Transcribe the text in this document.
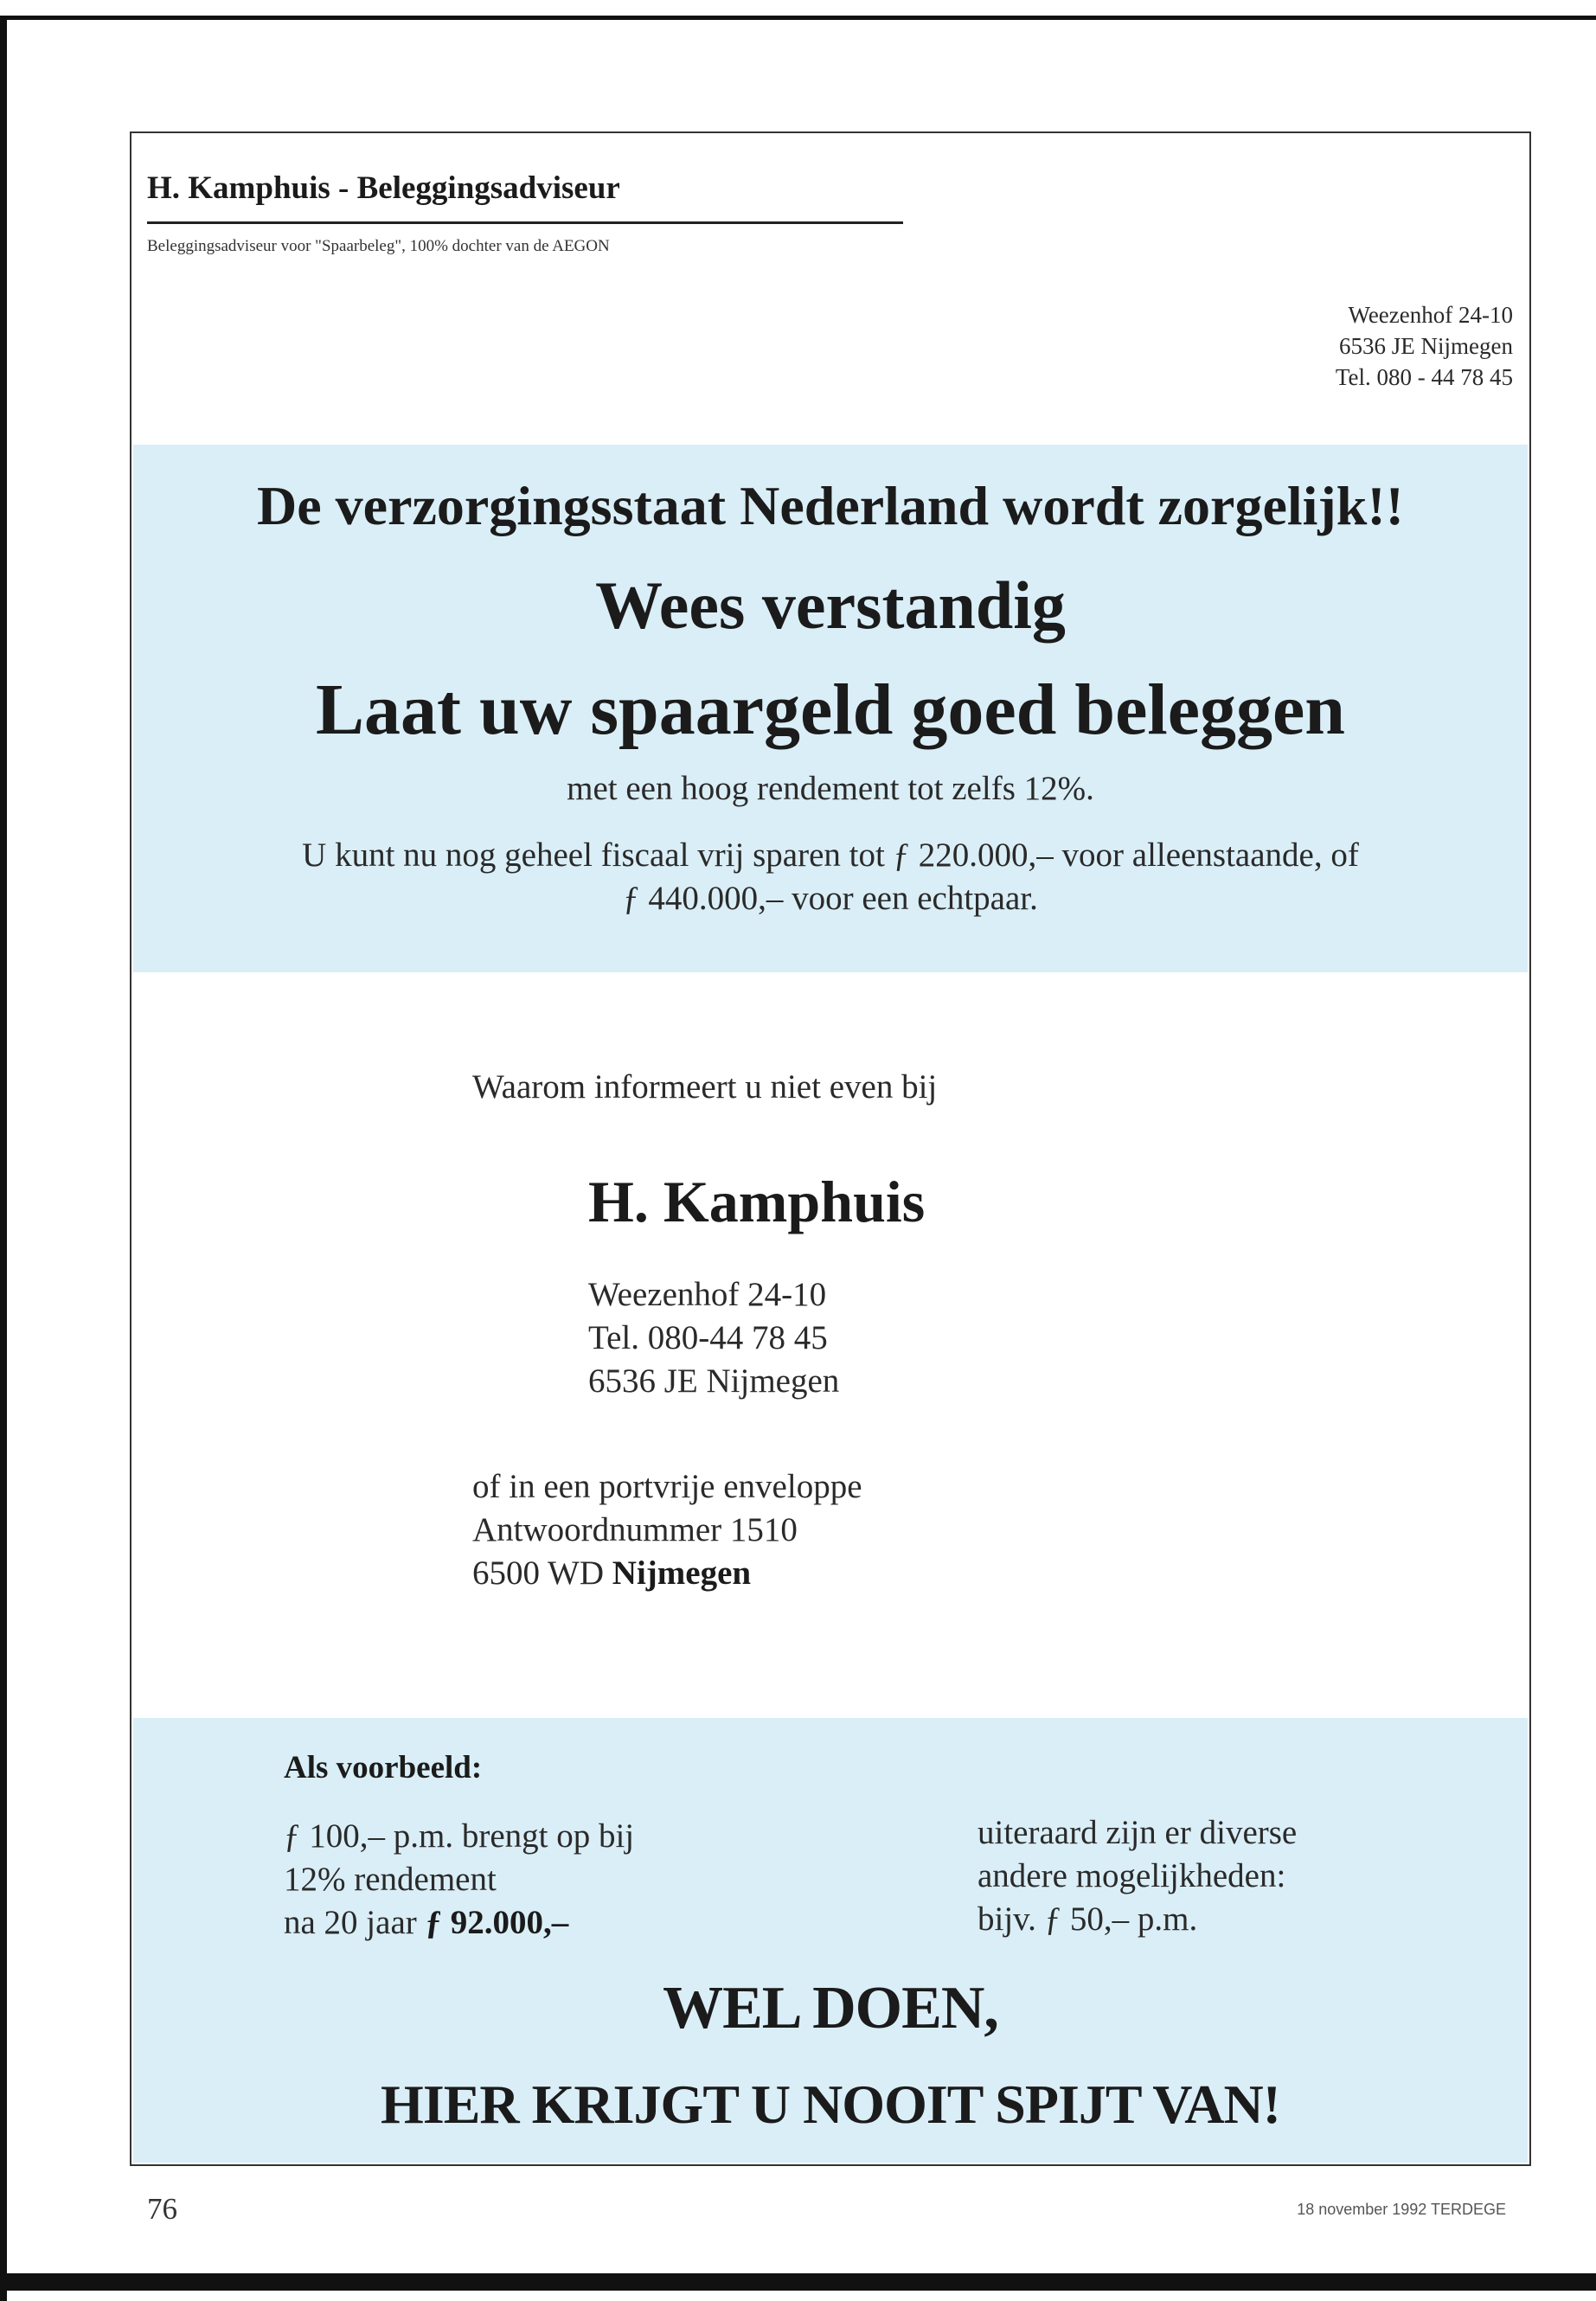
H. Kamphuis - Beleggingsadviseur
Beleggingsadviseur voor "Spaarbeleg", 100% dochter van de AEGON
Weezenhof 24-10
6536 JE Nijmegen
Tel. 080 - 44 78 45
De verzorgingsstaat Nederland wordt zorgelijk!!
Wees verstandig
Laat uw spaargeld goed beleggen
met een hoog rendement tot zelfs 12%.
U kunt nu nog geheel fiscaal vrij sparen tot ƒ 220.000,– voor alleenstaande, of
ƒ 440.000,– voor een echtpaar.
Waarom informeert u niet even bij
H. Kamphuis
Weezenhof 24-10
Tel. 080-44 78 45
6536 JE Nijmegen
of in een portvrije enveloppe
Antwoordnummer 1510
6500 WD Nijmegen
Als voorbeeld:
ƒ 100,– p.m. brengt op bij
12% rendement
na 20 jaar ƒ 92.000,–
uiteraard zijn er diverse
andere mogelijkheden:
bijv. ƒ 50,– p.m.
WEL DOEN,
HIER KRIJGT U NOOIT SPIJT VAN!
76	18 november 1992 TERDEGE
